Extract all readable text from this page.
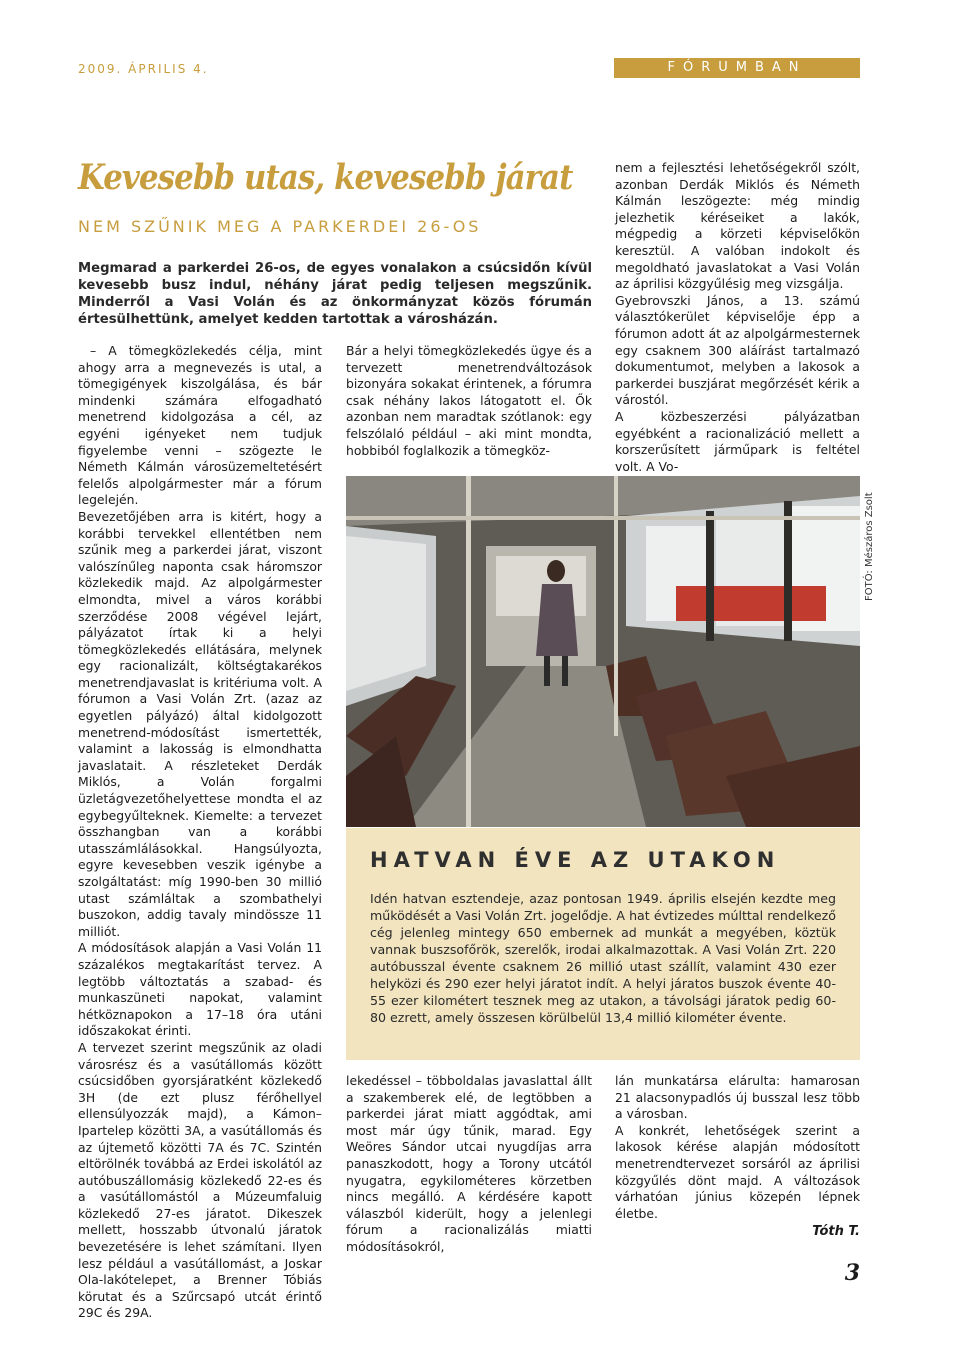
2009. ÁPRILIS 4.	FÓRUMBAN
Kevesebb utas, kevesebb járat
NEM SZŰNIK MEG A PARKERDEI 26-OS
Megmarad a parkerdei 26-os, de egyes vonalakon a csúcsidőn kívül kevesebb busz indul, néhány járat pedig teljesen megszűnik. Minderről a Vasi Volán és az önkormányzat közös fórumán értesülhettünk, amelyet kedden tartottak a városházán.

– A tömegközlekedés célja, mint ahogy arra a megnevezés is utal, a tömegigények kiszolgálása, és bár mindenki számára elfogadható menetrend kidolgozása a cél, az egyéni igényeket nem tudjuk figyelembe venni – szögezte le Németh Kálmán városüzemeltetésért felelős alpolgármester már a fórum legelején.

Bevezetőjében arra is kitért, hogy a korábbi tervekkel ellentétben nem szűnik meg a parkerdei járat, viszont valószínűleg naponta csak háromszor közlekedik majd. Az alpolgármester elmondta, mivel a város korábbi szerződése 2008 végével lejárt, pályázatot írtak ki a helyi tömegközlekedés ellátására, melynek egy racionalizált, költségtakarékos menetrendjavaslat is kritériuma volt. A fórumon a Vasi Volán Zrt. (azaz az egyetlen pályázó) által kidolgozott menetrend-módosítást ismertették, valamint a lakosság is elmondhatta javaslatait. A részleteket Derdák Miklós, a Volán forgalmi üzletágvezetőhelyettese mondta el az egybegyűlteknek. Kiemelte: a tervezet összhangban van a korábbi utasszámlálásokkal. Hangsúlyozta, egyre kevesebben veszik igénybe a szolgáltatást: míg 1990-ben 30 millió utast számláltak a szombathelyi buszokon, addig tavaly mindössze 11 milliót.

A módosítások alapján a Vasi Volán 11 százalékos megtakarítást tervez. A legtöbb változtatás a szabad- és munkaszüneti napokat, valamint hétköznapokon a 17–18 óra utáni időszakokat érinti.

A tervezet szerint megszűnik az oladi városrész és a vasútállomás között csúcsidőben gyorsjáratként közlekedő 3H (de ezt plusz férőhellyel ellensúlyozzák majd), a Kámon–Ipartelep közötti 3A, a vasútállomás és az újtemető közötti 7A és 7C. Szintén eltörölnék továbbá az Erdei iskolától az autóbuszállomásig közlekedő 22-es és a vasútállomástól a Múzeumfaluig közlekedő 27-es járatot. Dikeszek mellett, hosszabb útvonalú járatok bevezetésére is lehet számítani. Ilyen lesz például a vasútállomást, a Joskar Ola-lakótelepet, a Brenner Tóbiás körutat és a Szűrcsapó utcát érintő 29C és 29A.

Bár a helyi tömegközlekedés ügye és a tervezett menetrendváltozások bizonyára sokakat érintenek, a fórumra csak néhány lakos látogatott el. Ők azonban nem maradtak szótlanok: egy felszólaló például – aki mint mondta, hobbiból foglalkozik a tömegköz-

nem a fejlesztési lehetőségekről szólt, azonban Derdák Miklós és Németh Kálmán leszögezte: még mindig jelezhetik kéréseiket a lakók, mégpedig a körzeti képviselőkön keresztül. A valóban indokolt és megoldható javaslatokat a Vasi Volán az áprilisi közgyűlésig meg vizsgálja.

Gyebrovszki János, a 13. számú választókerület képviselője épp a fórumon adott át az alpolgármesternek egy csaknem 300 aláírást tartalmazó dokumentumot, melyben a lakosok a parkerdei buszjárat megőrzését kérik a várostól.

A közbeszerzési pályázatban egyébként a racionalizáció mellett a korszerűsített járműpark is feltétel volt. A Vo-

FOTÓ: Mészáros Zsolt
HATVAN ÉVE AZ UTAKON
Idén hatvan esztendeje, azaz pontosan 1949. április elsején kezdte meg működését a Vasi Volán Zrt. jogelődje. A hat évtizedes múlttal rendelkező cég jelenleg mintegy 650 embernek ad munkát a megyében, köztük vannak buszsofőrök, szerelők, irodai alkalmazottak. A Vasi Volán Zrt. 220 autóbusszal évente csaknem 26 millió utast szállít, valamint 430 ezer helyközi és 290 ezer helyi járatot indít. A helyi járatos buszok évente 40-55 ezer kilométert tesznek meg az utakon, a távolsági járatok pedig 60-80 ezrett, amely összesen körülbelül 13,4 millió kilométer évente.

lekedéssel – többoldalas javaslattal állt a szakemberek elé, de legtöbben a parkerdei járat miatt aggódtak, ami most már úgy tűnik, marad. Egy Weöres Sándor utcai nyugdíjas arra panaszkodott, hogy a Torony utcától nyugatra, egykilométeres körzetben nincs megálló. A kérdésére kapott válaszból kiderült, hogy a jelenlegi fórum a racionalizálás miatti módosításokról,

lán munkatársa elárulta: hamarosan 21 alacsonypadlós új busszal lesz több a városban.

A konkrét, lehetőségek szerint a lakosok kérése alapján módosított menetrendtervezet sorsáról az áprilisi közgyűlés dönt majd. A változások várhatóan június közepén lépnek életbe.

Tóth T.
3
